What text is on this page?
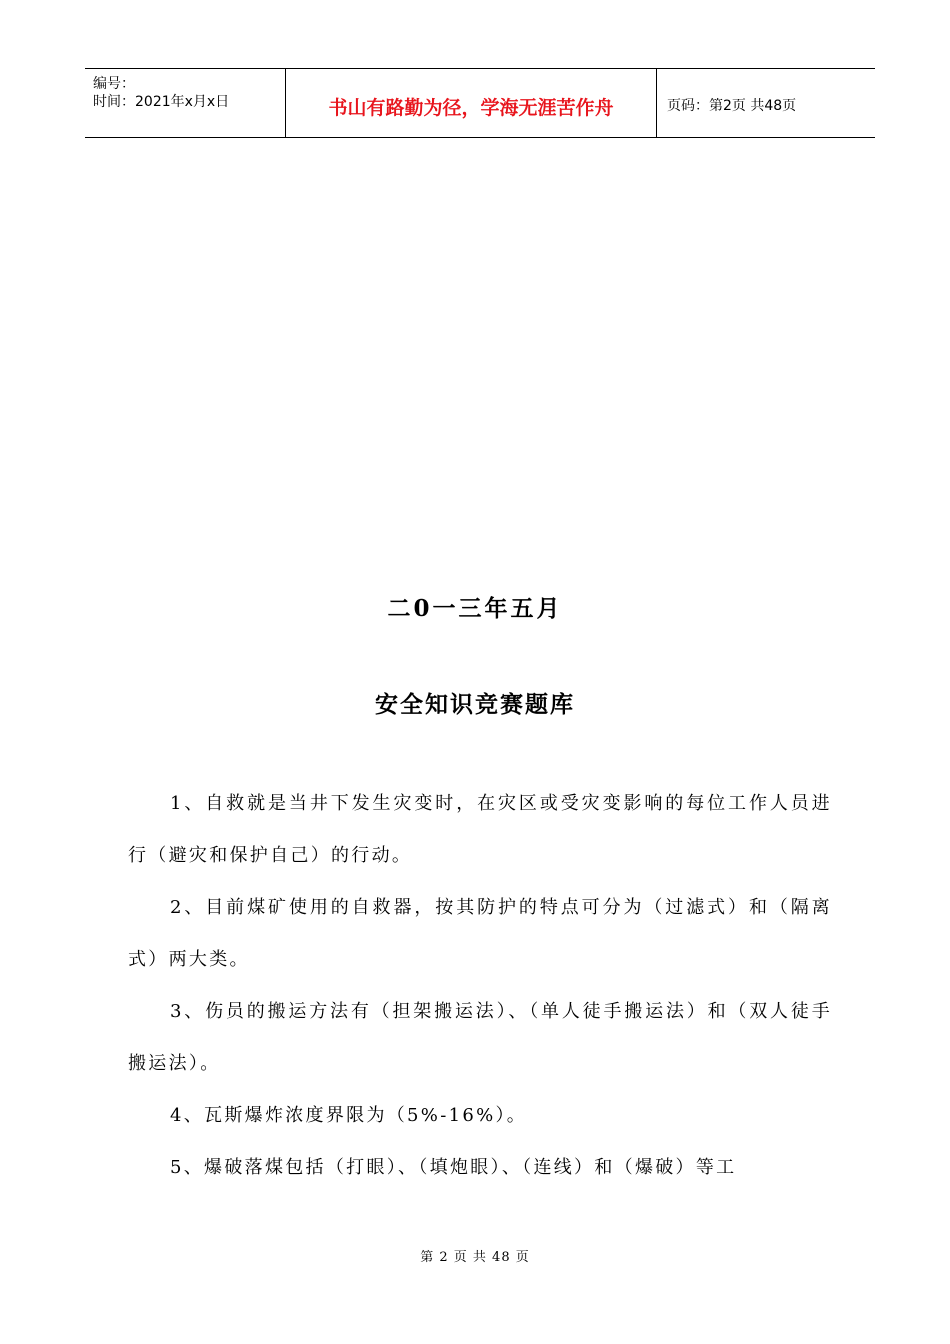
编号：
时间：2021年x月x日	书山有路勤为径，学海无涯苦作舟	页码：第2页 共48页
二0一三年五月
安全知识竞赛题库

1、自救就是当井下发生灾变时，在灾区或受灾变影响的每位工作人员进行（避灾和保护自己）的行动。

2、目前煤矿使用的自救器，按其防护的特点可分为（过滤式）和（隔离式）两大类。

3、伤员的搬运方法有（担架搬运法）、（单人徒手搬运法）和（双人徒手搬运法）。

4、瓦斯爆炸浓度界限为（5%-16%）。

5、爆破落煤包括（打眼）、（填炮眼）、（连线）和（爆破）等工

第 2 页 共 48 页
